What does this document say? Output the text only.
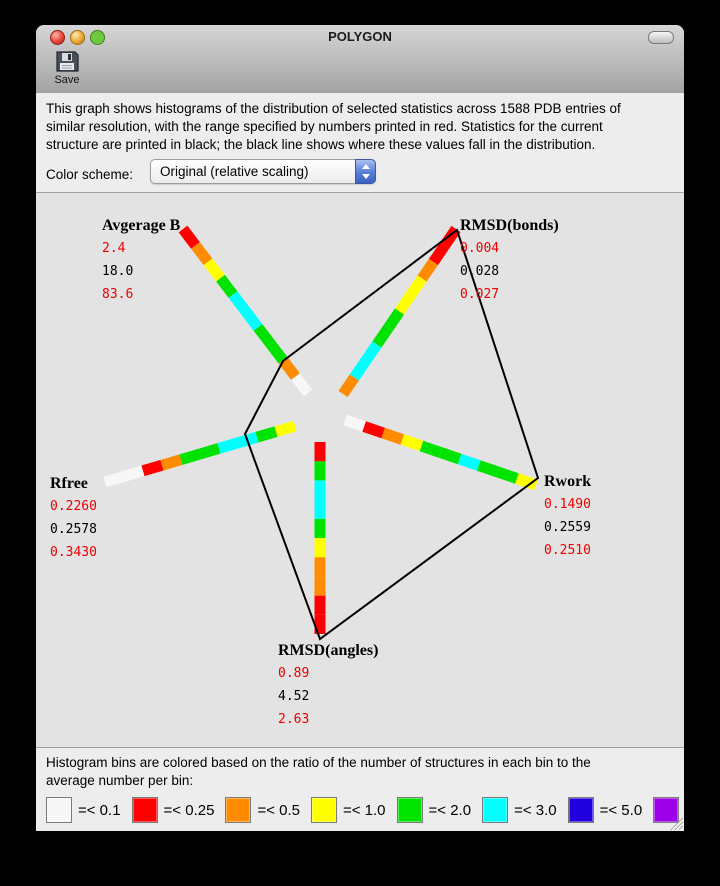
POLYGON
Save
This graph shows histograms of the distribution of selected statistics across 1588 PDB entries of
similar resolution, with the range specified by numbers printed in red. Statistics for the current
structure are printed in black; the black line shows where these values fall in the distribution.
Color scheme: Original (relative scaling)
Avgerage B
2.4
18.0
83.6
RMSD(bonds)
0.004
0.028
0.027
Rwork
0.1490
0.2559
0.2510
RMSD(angles)
0.89
4.52
2.63
Rfree
0.2260
0.2578
0.3430
Histogram bins are colored based on the ratio of the number of structures in each bin to the
average number per bin:
=< 0.1	=< 0.25	=< 0.5	=< 1.0	=< 2.0	=< 3.0	=< 5.0
